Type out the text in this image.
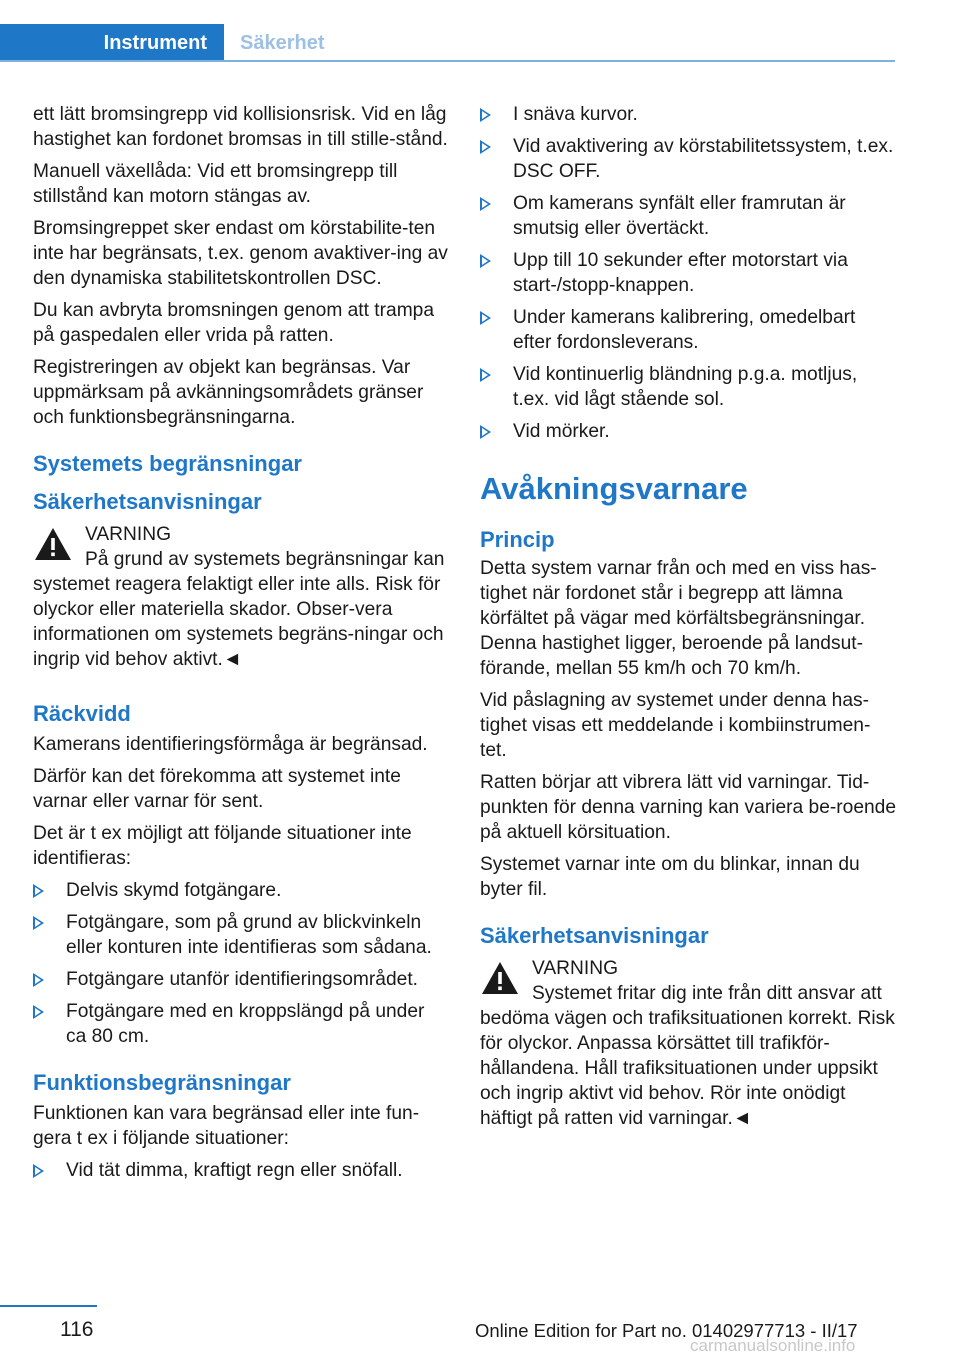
Instrument	Säkerhet

ett lätt bromsingrepp vid kollisionsrisk. Vid en låg hastighet kan fordonet bromsas in till stille‐stånd.

Manuell växellåda: Vid ett bromsingrepp till stillstånd kan motorn stängas av.

Bromsingreppet sker endast om körstabilite‐ten inte har begränsats, t.ex. genom avaktiver‐ing av den dynamiska stabilitetskontrollen DSC.

Du kan avbryta bromsningen genom att trampa på gaspedalen eller vrida på ratten.

Registreringen av objekt kan begränsas. Var uppmärksam på avkänningsområdets gränser och funktionsbegränsningarna.

Systemets begränsningar
Säkerhetsanvisningar
VARNING
På grund av systemets begränsningar kan systemet reagera felaktigt eller inte alls. Risk för olyckor eller materiella skador. Obser‐vera informationen om systemets begräns‐ningar och ingrip vid behov aktivt.◄
Räckvidd

Kamerans identifieringsförmåga är begränsad.

Därför kan det förekomma att systemet inte varnar eller varnar för sent.

Det är t ex möjligt att följande situationer inte identifieras:

Delvis skymd fotgängare.
Fotgängare, som på grund av blickvinkeln eller konturen inte identifieras som sådana.
Fotgängare utanför identifieringsområdet.
Fotgängare med en kroppslängd på under ca 80 cm.
Funktionsbegränsningar

Funktionen kan vara begränsad eller inte fun‐gera t ex i följande situationer:

Vid tät dimma, kraftigt regn eller snöfall.
I snäva kurvor.
Vid avaktivering av körstabilitetssystem, t.ex. DSC OFF.
Om kamerans synfält eller framrutan är smutsig eller övertäckt.
Upp till 10 sekunder efter motorstart via start-/stopp-knappen.
Under kamerans kalibrering, omedelbart efter fordonsleverans.
Vid kontinuerlig bländning p.g.a. motljus, t.ex. vid lågt stående sol.
Vid mörker.
Avåkningsvarnare
Princip

Detta system varnar från och med en viss has‐tighet när fordonet står i begrepp att lämna körfältet på vägar med körfältsbegränsningar. Denna hastighet ligger, beroende på landsut‐förande, mellan 55 km/h och 70 km/h.

Vid påslagning av systemet under denna has‐tighet visas ett meddelande i kombiinstrumen‐tet.

Ratten börjar att vibrera lätt vid varningar. Tid‐punkten för denna varning kan variera be‐roende på aktuell körsituation.

Systemet varnar inte om du blinkar, innan du byter fil.

Säkerhetsanvisningar
VARNING
Systemet fritar dig inte från ditt ansvar att bedöma vägen och trafiksituationen korrekt. Risk för olyckor. Anpassa körsättet till trafikför‐hållandena. Håll trafiksituationen under uppsikt och ingrip aktivt vid behov. Rör inte onödigt häftigt på ratten vid varningar.◄
116	Online Edition for Part no. 01402977713 - II/17
carmanualsonline.info
